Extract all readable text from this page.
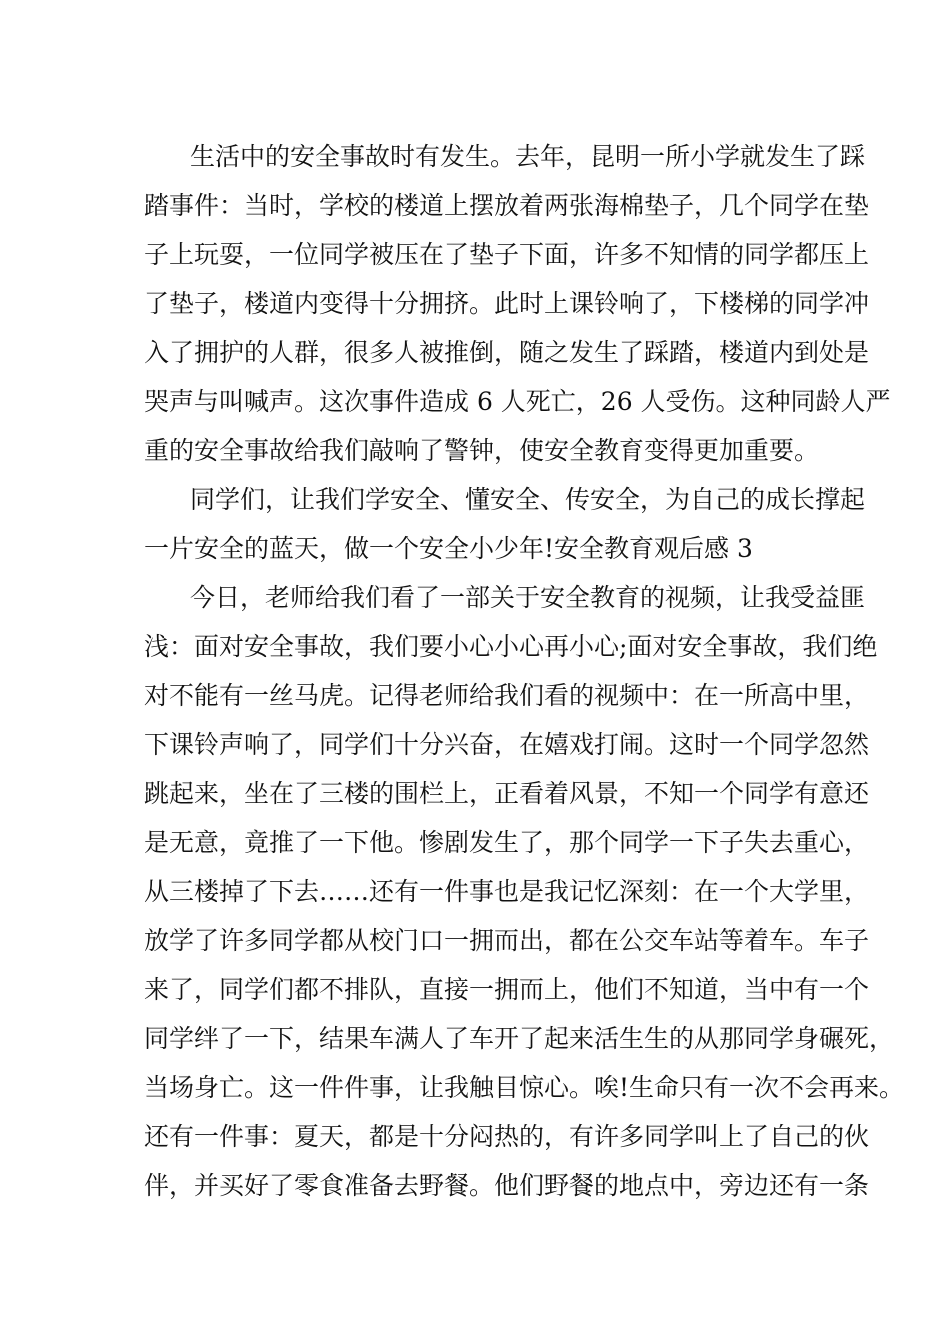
生活中的安全事故时有发生。去年，昆明一所小学就发生了踩
踏事件：当时，学校的楼道上摆放着两张海棉垫子，几个同学在垫
子上玩耍，一位同学被压在了垫子下面，许多不知情的同学都压上
了垫子，楼道内变得十分拥挤。此时上课铃响了，下楼梯的同学冲
入了拥护的人群，很多人被推倒，随之发生了踩踏，楼道内到处是
哭声与叫喊声。这次事件造成 6 人死亡，26 人受伤。这种同龄人严
重的安全事故给我们敲响了警钟，使安全教育变得更加重要。
同学们，让我们学安全、懂安全、传安全，为自己的成长撑起
一片安全的蓝天，做一个安全小少年!安全教育观后感 3
今日，老师给我们看了一部关于安全教育的视频，让我受益匪
浅：面对安全事故，我们要小心小心再小心;面对安全事故，我们绝
对不能有一丝马虎。记得老师给我们看的视频中：在一所高中里，
下课铃声响了，同学们十分兴奋，在嬉戏打闹。这时一个同学忽然
跳起来，坐在了三楼的围栏上，正看着风景，不知一个同学有意还
是无意，竟推了一下他。惨剧发生了，那个同学一下子失去重心，
从三楼掉了下去……还有一件事也是我记忆深刻：在一个大学里，
放学了许多同学都从校门口一拥而出，都在公交车站等着车。车子
来了，同学们都不排队，直接一拥而上，他们不知道，当中有一个
同学绊了一下，结果车满人了车开了起来活生生的从那同学身碾死，
当场身亡。这一件件事，让我触目惊心。唉!生命只有一次不会再来。
还有一件事：夏天，都是十分闷热的，有许多同学叫上了自己的伙
伴，并买好了零食准备去野餐。他们野餐的地点中，旁边还有一条
